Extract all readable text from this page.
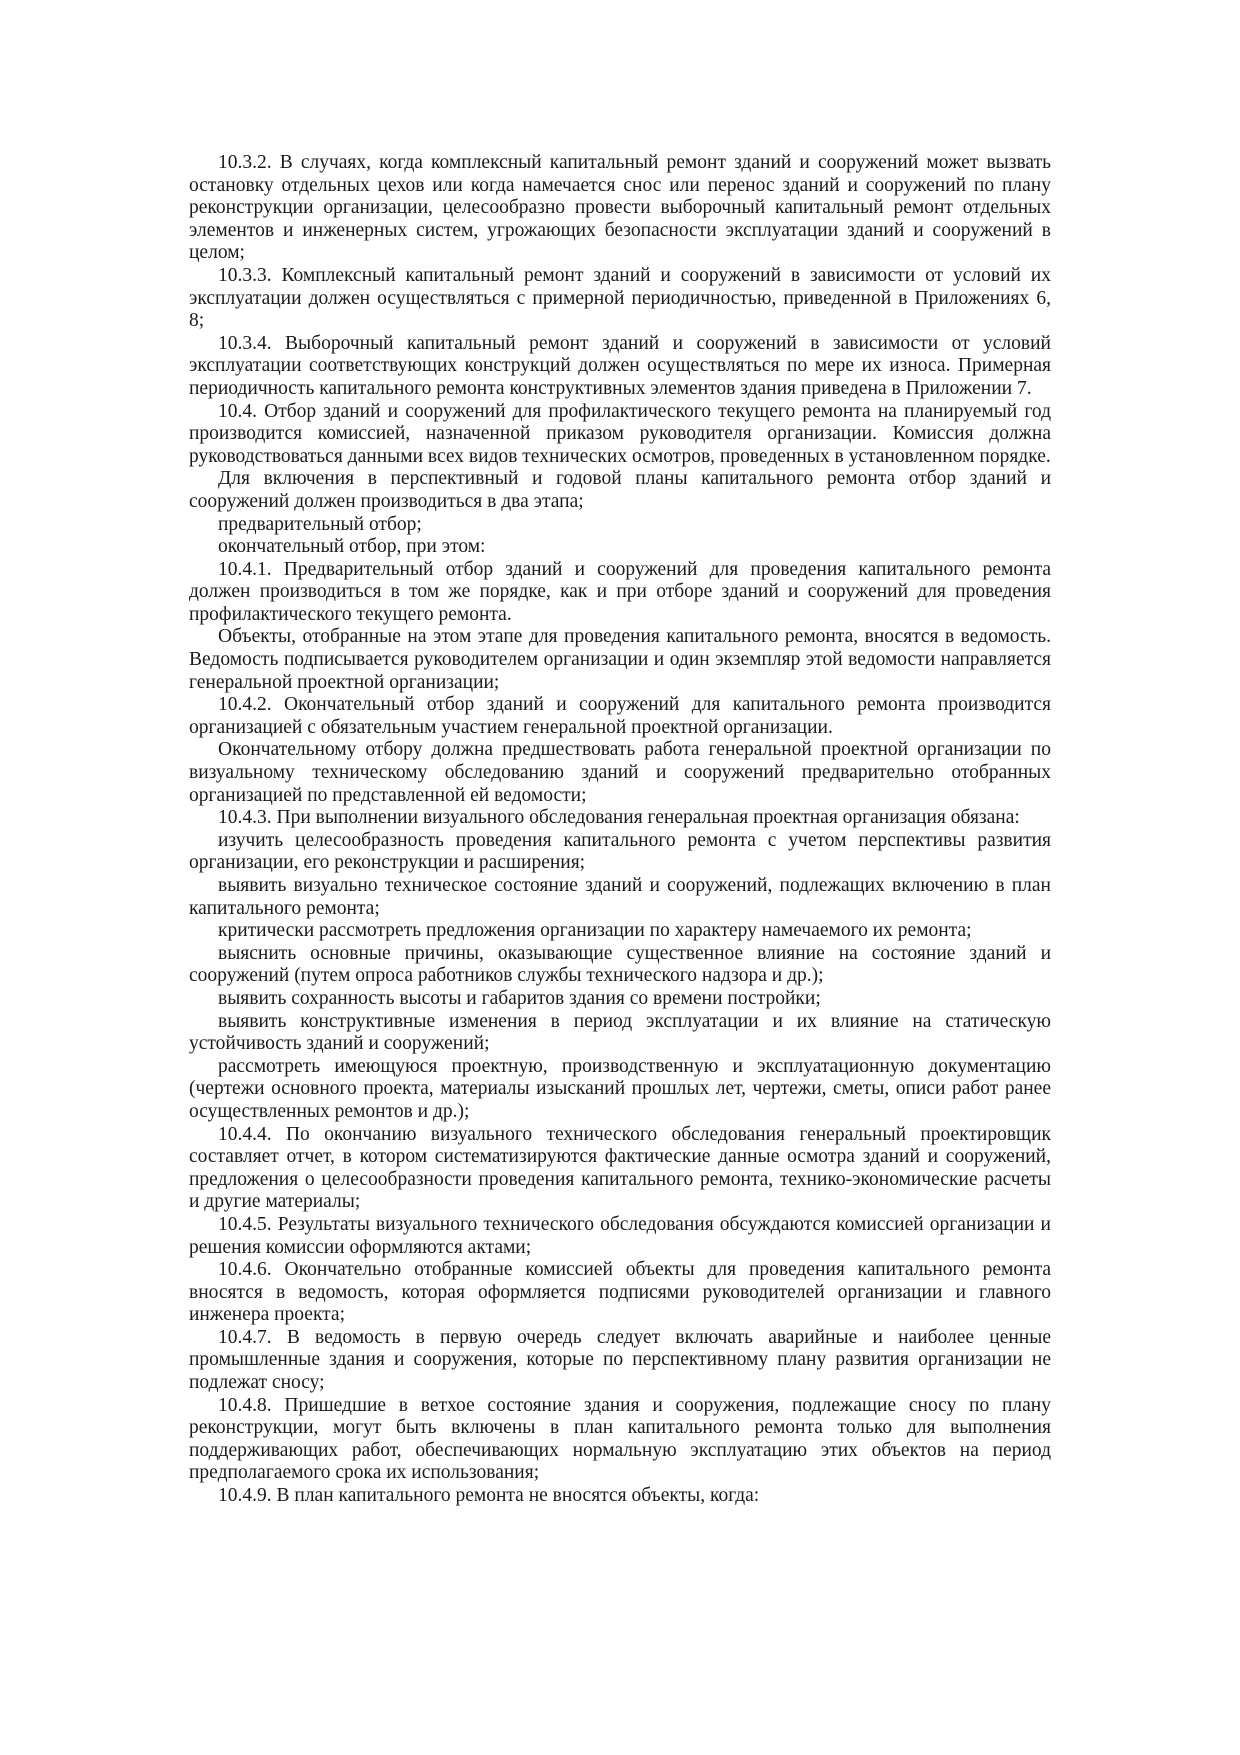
10.3.2. В случаях, когда комплексный капитальный ремонт зданий и сооружений может вызвать остановку отдельных цехов или когда намечается снос или перенос зданий и сооружений по плану реконструкции организации, целесообразно провести выборочный капитальный ремонт отдельных элементов и инженерных систем, угрожающих безопасности эксплуатации зданий и сооружений в целом;

10.3.3. Комплексный капитальный ремонт зданий и сооружений в зависимости от условий их эксплуатации должен осуществляться с примерной периодичностью, приведенной в Приложениях 6, 8;

10.3.4. Выборочный капитальный ремонт зданий и сооружений в зависимости от условий эксплуатации соответствующих конструкций должен осуществляться по мере их износа. Примерная периодичность капитального ремонта конструктивных элементов здания приведена в Приложении 7.

10.4. Отбор зданий и сооружений для профилактического текущего ремонта на планируемый год производится комиссией, назначенной приказом руководителя организации. Комиссия должна руководствоваться данными всех видов технических осмотров, проведенных в установленном порядке.

Для включения в перспективный и годовой планы капитального ремонта отбор зданий и сооружений должен производиться в два этапа;

предварительный отбор;

окончательный отбор, при этом:

10.4.1. Предварительный отбор зданий и сооружений для проведения капитального ремонта должен производиться в том же порядке, как и при отборе зданий и сооружений для проведения профилактического текущего ремонта.

Объекты, отобранные на этом этапе для проведения капитального ремонта, вносятся в ведомость. Ведомость подписывается руководителем организации и один экземпляр этой ведомости направляется генеральной проектной организации;

10.4.2. Окончательный отбор зданий и сооружений для капитального ремонта производится организацией с обязательным участием генеральной проектной организации.

Окончательному отбору должна предшествовать работа генеральной проектной организации по визуальному техническому обследованию зданий и сооружений предварительно отобранных организацией по представленной ей ведомости;

10.4.3. При выполнении визуального обследования генеральная проектная организация обязана:

изучить целесообразность проведения капитального ремонта с учетом перспективы развития организации, его реконструкции и расширения;

выявить визуально техническое состояние зданий и сооружений, подлежащих включению в план капитального ремонта;

критически рассмотреть предложения организации по характеру намечаемого их ремонта;

выяснить основные причины, оказывающие существенное влияние на состояние зданий и сооружений (путем опроса работников службы технического надзора и др.);

выявить сохранность высоты и габаритов здания со времени постройки;

выявить конструктивные изменения в период эксплуатации и их влияние на статическую устойчивость зданий и сооружений;

рассмотреть имеющуюся проектную, производственную и эксплуатационную документацию (чертежи основного проекта, материалы изысканий прошлых лет, чертежи, сметы, описи работ ранее осуществленных ремонтов и др.);

10.4.4. По окончанию визуального технического обследования генеральный проектировщик составляет отчет, в котором систематизируются фактические данные осмотра зданий и сооружений, предложения о целесообразности проведения капитального ремонта, технико-экономические расчеты и другие материалы;

10.4.5. Результаты визуального технического обследования обсуждаются комиссией организации и решения комиссии оформляются актами;

10.4.6. Окончательно отобранные комиссией объекты для проведения капитального ремонта вносятся в ведомость, которая оформляется подписями руководителей организации и главного инженера проекта;

10.4.7. В ведомость в первую очередь следует включать аварийные и наиболее ценные промышленные здания и сооружения, которые по перспективному плану развития организации не подлежат сносу;

10.4.8. Пришедшие в ветхое состояние здания и сооружения, подлежащие сносу по плану реконструкции, могут быть включены в план капитального ремонта только для выполнения поддерживающих работ, обеспечивающих нормальную эксплуатацию этих объектов на период предполагаемого срока их использования;

10.4.9. В план капитального ремонта не вносятся объекты, когда:
